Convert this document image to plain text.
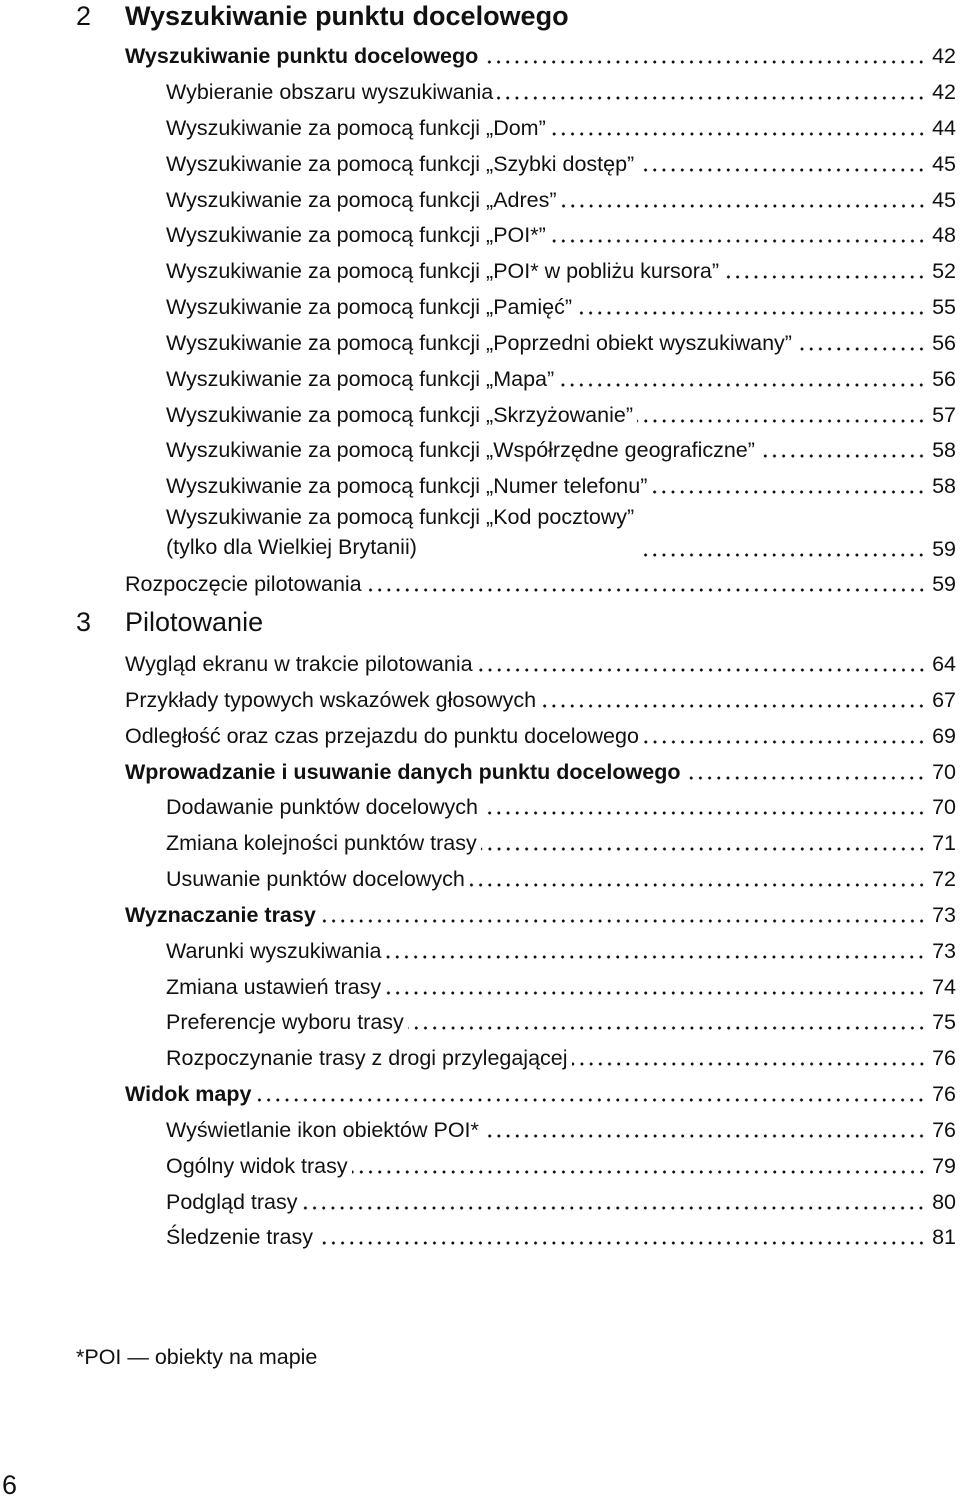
2 Wyszukiwanie punktu docelowego
Wyszukiwanie punktu docelowego	42
Wybieranie obszaru wyszukiwania	42
Wyszukiwanie za pomocą funkcji „Dom”	44
Wyszukiwanie za pomocą funkcji „Szybki dostęp”	45
Wyszukiwanie za pomocą funkcji „Adres”	45
Wyszukiwanie za pomocą funkcji „POI*”	48
Wyszukiwanie za pomocą funkcji „POI* w pobliżu kursora”	52
Wyszukiwanie za pomocą funkcji „Pamięć”	55
Wyszukiwanie za pomocą funkcji „Poprzedni obiekt wyszukiwany”	56
Wyszukiwanie za pomocą funkcji „Mapa”	56
Wyszukiwanie za pomocą funkcji „Skrzyżowanie”	57
Wyszukiwanie za pomocą funkcji „Współrzędne geograficzne”	58
Wyszukiwanie za pomocą funkcji „Numer telefonu”	58
Wyszukiwanie za pomocą funkcji „Kod pocztowy”
(tylko dla Wielkiej Brytanii)	59
Rozpoczęcie pilotowania	59
3 Pilotowanie
Wygląd ekranu w trakcie pilotowania	64
Przykłady typowych wskazówek głosowych	67
Odległość oraz czas przejazdu do punktu docelowego	69
Wprowadzanie i usuwanie danych punktu docelowego	70
Dodawanie punktów docelowych	70
Zmiana kolejności punktów trasy	71
Usuwanie punktów docelowych	72
Wyznaczanie trasy	73
Warunki wyszukiwania	73
Zmiana ustawień trasy	74
Preferencje wyboru trasy	75
Rozpoczynanie trasy z drogi przylegającej	76
Widok mapy	76
Wyświetlanie ikon obiektów POI*	76
Ogólny widok trasy	79
Podgląd trasy	80
Śledzenie trasy	81
*POI — obiekty na mapie
6
